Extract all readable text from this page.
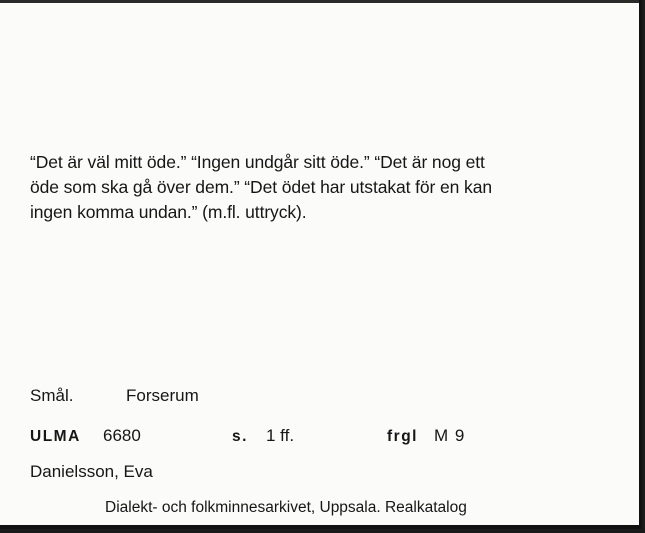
“Det är väl mitt öde.” “Ingen undgår sitt öde.” “Det är nog ett
öde som ska gå över dem.” “Det ödet har utstakat för en kan
ingen komma undan.” (m.fl. uttryck).

Smål.	Forserum
ULMA 6680	s. 1 ff.	frgl M 9
Danielsson, Eva
Dialekt- och folkminnesarkivet, Uppsala. Realkatalog
